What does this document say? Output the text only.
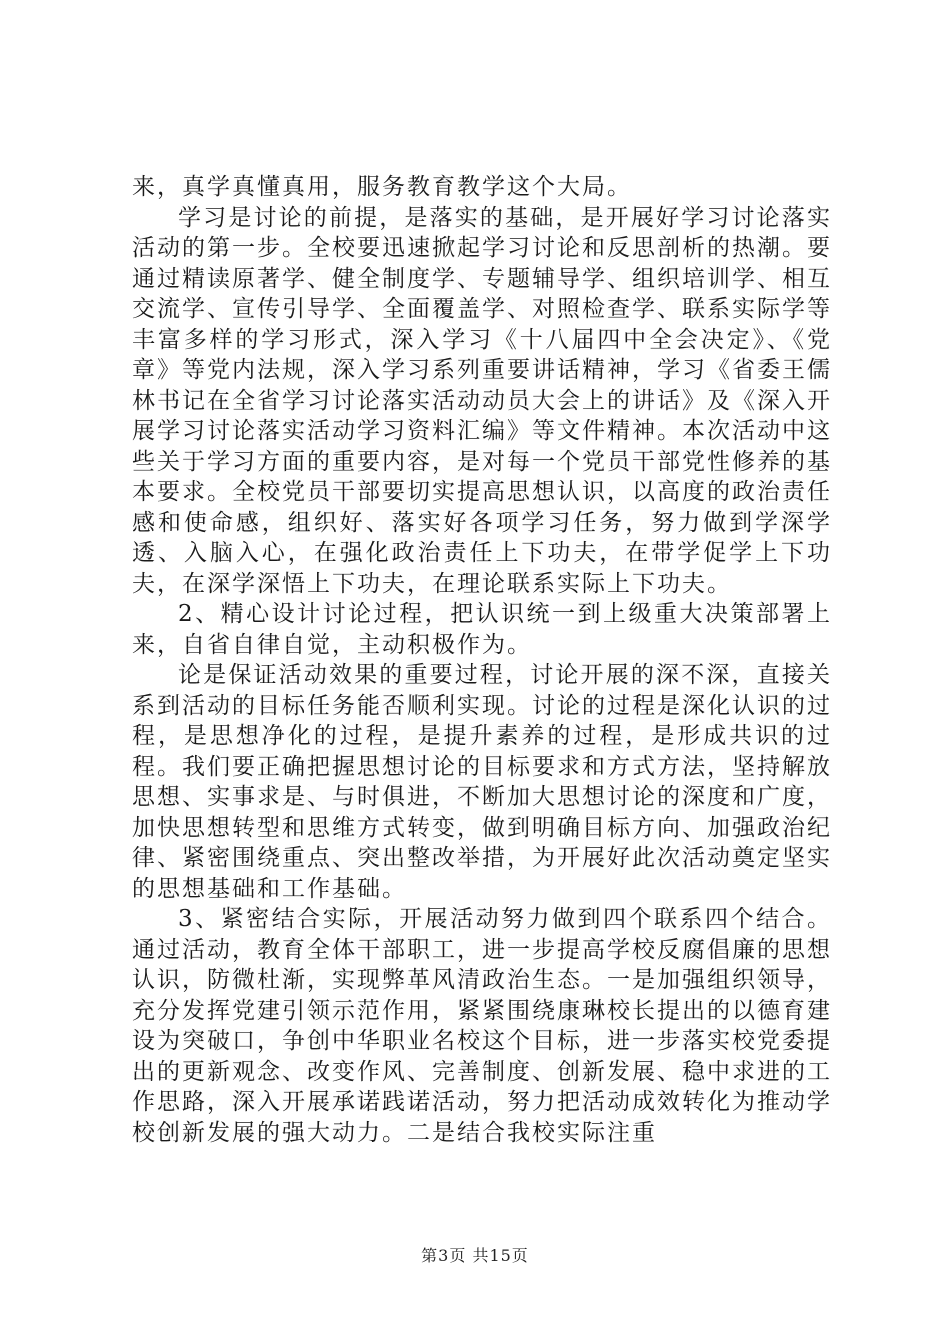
来，真学真懂真用，服务教育教学这个大局。

学习是讨论的前提，是落实的基础，是开展好学习讨论落实活动的第一步。全校要迅速掀起学习讨论和反思剖析的热潮。要通过精读原著学、健全制度学、专题辅导学、组织培训学、相互交流学、宣传引导学、全面覆盖学、对照检查学、联系实际学等丰富多样的学习形式，深入学习《十八届四中全会决定》、《党章》等党内法规，深入学习系列重要讲话精神，学习《省委王儒林书记在全省学习讨论落实活动动员大会上的讲话》及《深入开展学习讨论落实活动学习资料汇编》等文件精神。本次活动中这些关于学习方面的重要内容，是对每一个党员干部党性修养的基本要求。全校党员干部要切实提高思想认识，以高度的政治责任感和使命感，组织好、落实好各项学习任务，努力做到学深学透、入脑入心，在强化政治责任上下功夫，在带学促学上下功夫，在深学深悟上下功夫，在理论联系实际上下功夫。

2、精心设计讨论过程，把认识统一到上级重大决策部署上来，自省自律自觉，主动积极作为。

论是保证活动效果的重要过程，讨论开展的深不深，直接关系到活动的目标任务能否顺利实现。讨论的过程是深化认识的过程，是思想净化的过程，是提升素养的过程，是形成共识的过程。我们要正确把握思想讨论的目标要求和方式方法，坚持解放思想、实事求是、与时俱进，不断加大思想讨论的深度和广度，加快思想转型和思维方式转变，做到明确目标方向、加强政治纪律、紧密围绕重点、突出整改举措，为开展好此次活动奠定坚实的思想基础和工作基础。

3、紧密结合实际，开展活动努力做到四个联系四个结合。通过活动，教育全体干部职工，进一步提高学校反腐倡廉的思想认识，防微杜渐，实现弊革风清政治生态。一是加强组织领导，充分发挥党建引领示范作用，紧紧围绕康琳校长提出的以德育建设为突破口，争创中华职业名校这个目标，进一步落实校党委提出的更新观念、改变作风、完善制度、创新发展、稳中求进的工作思路，深入开展承诺践诺活动，努力把活动成效转化为推动学校创新发展的强大动力。二是结合我校实际注重

第3页 共15页
